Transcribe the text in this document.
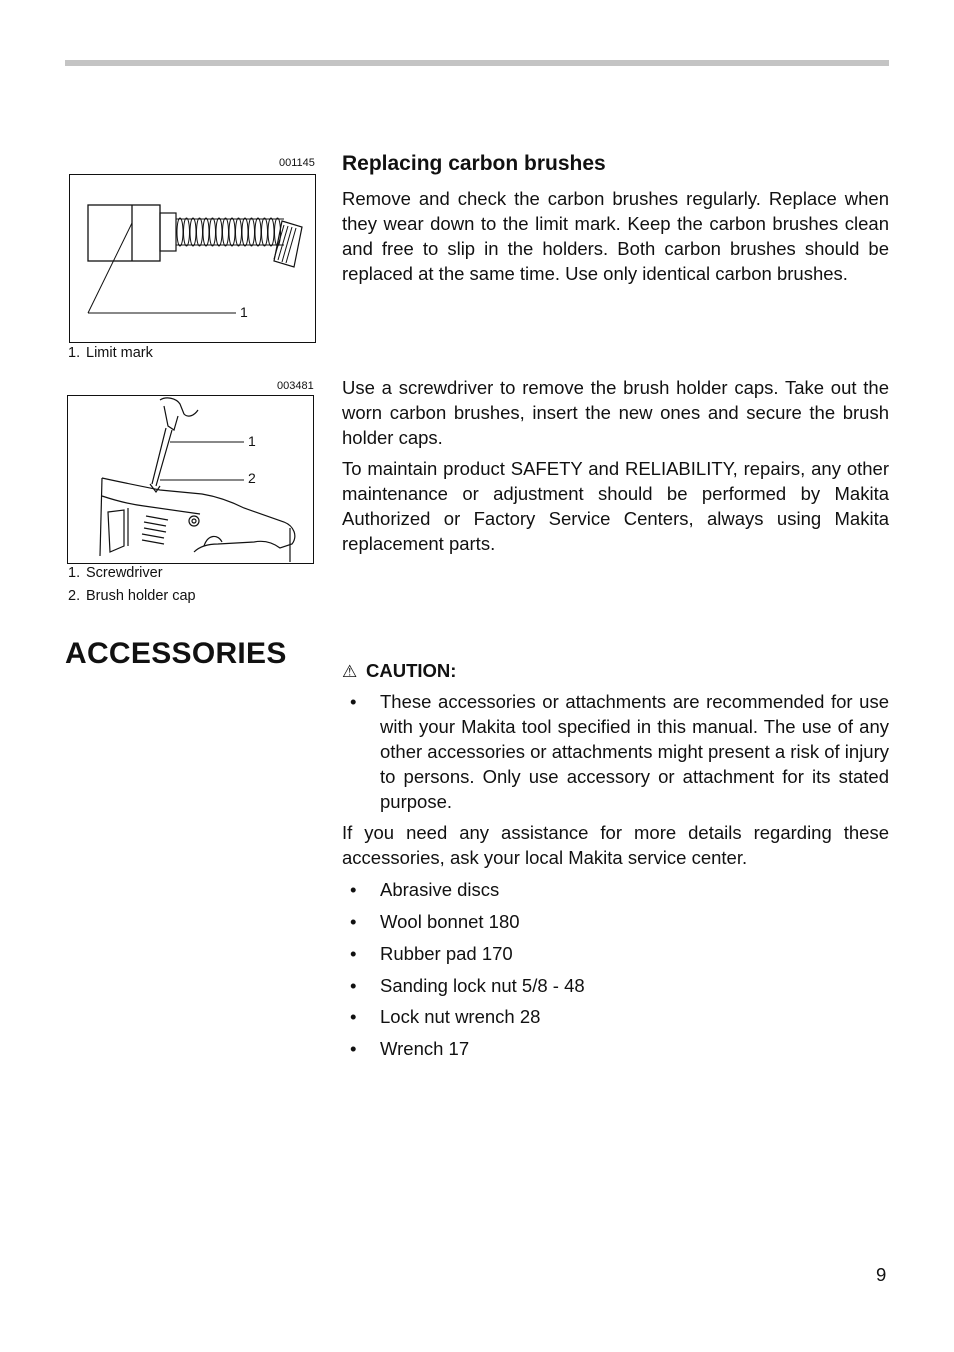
001145
1
1. Limit mark
003481
1
2
1. Screwdriver
2. Brush holder cap
Replacing carbon brushes

Remove and check the carbon brushes regularly. Replace when they wear down to the limit mark. Keep the carbon brushes clean and free to slip in the holders. Both carbon brushes should be replaced at the same time. Use only identical carbon brushes.

Use a screwdriver to remove the brush holder caps. Take out the worn carbon brushes, insert the new ones and secure the brush holder caps.

To maintain product SAFETY and RELIABILITY, repairs, any other maintenance or adjustment should be performed by Makita Authorized or Factory Service Centers, always using Makita replacement parts.

ACCESSORIES
⚠ CAUTION:
• These accessories or attachments are recommended for use with your Makita tool specified in this manual. The use of any other accessories or attachments might present a risk of injury to persons. Only use accessory or attachment for its stated purpose.

If you need any assistance for more details regarding these accessories, ask your local Makita service center.

• Abrasive discs
• Wool bonnet 180
• Rubber pad 170
• Sanding lock nut 5/8 - 48
• Lock nut wrench 28
• Wrench 17
9
